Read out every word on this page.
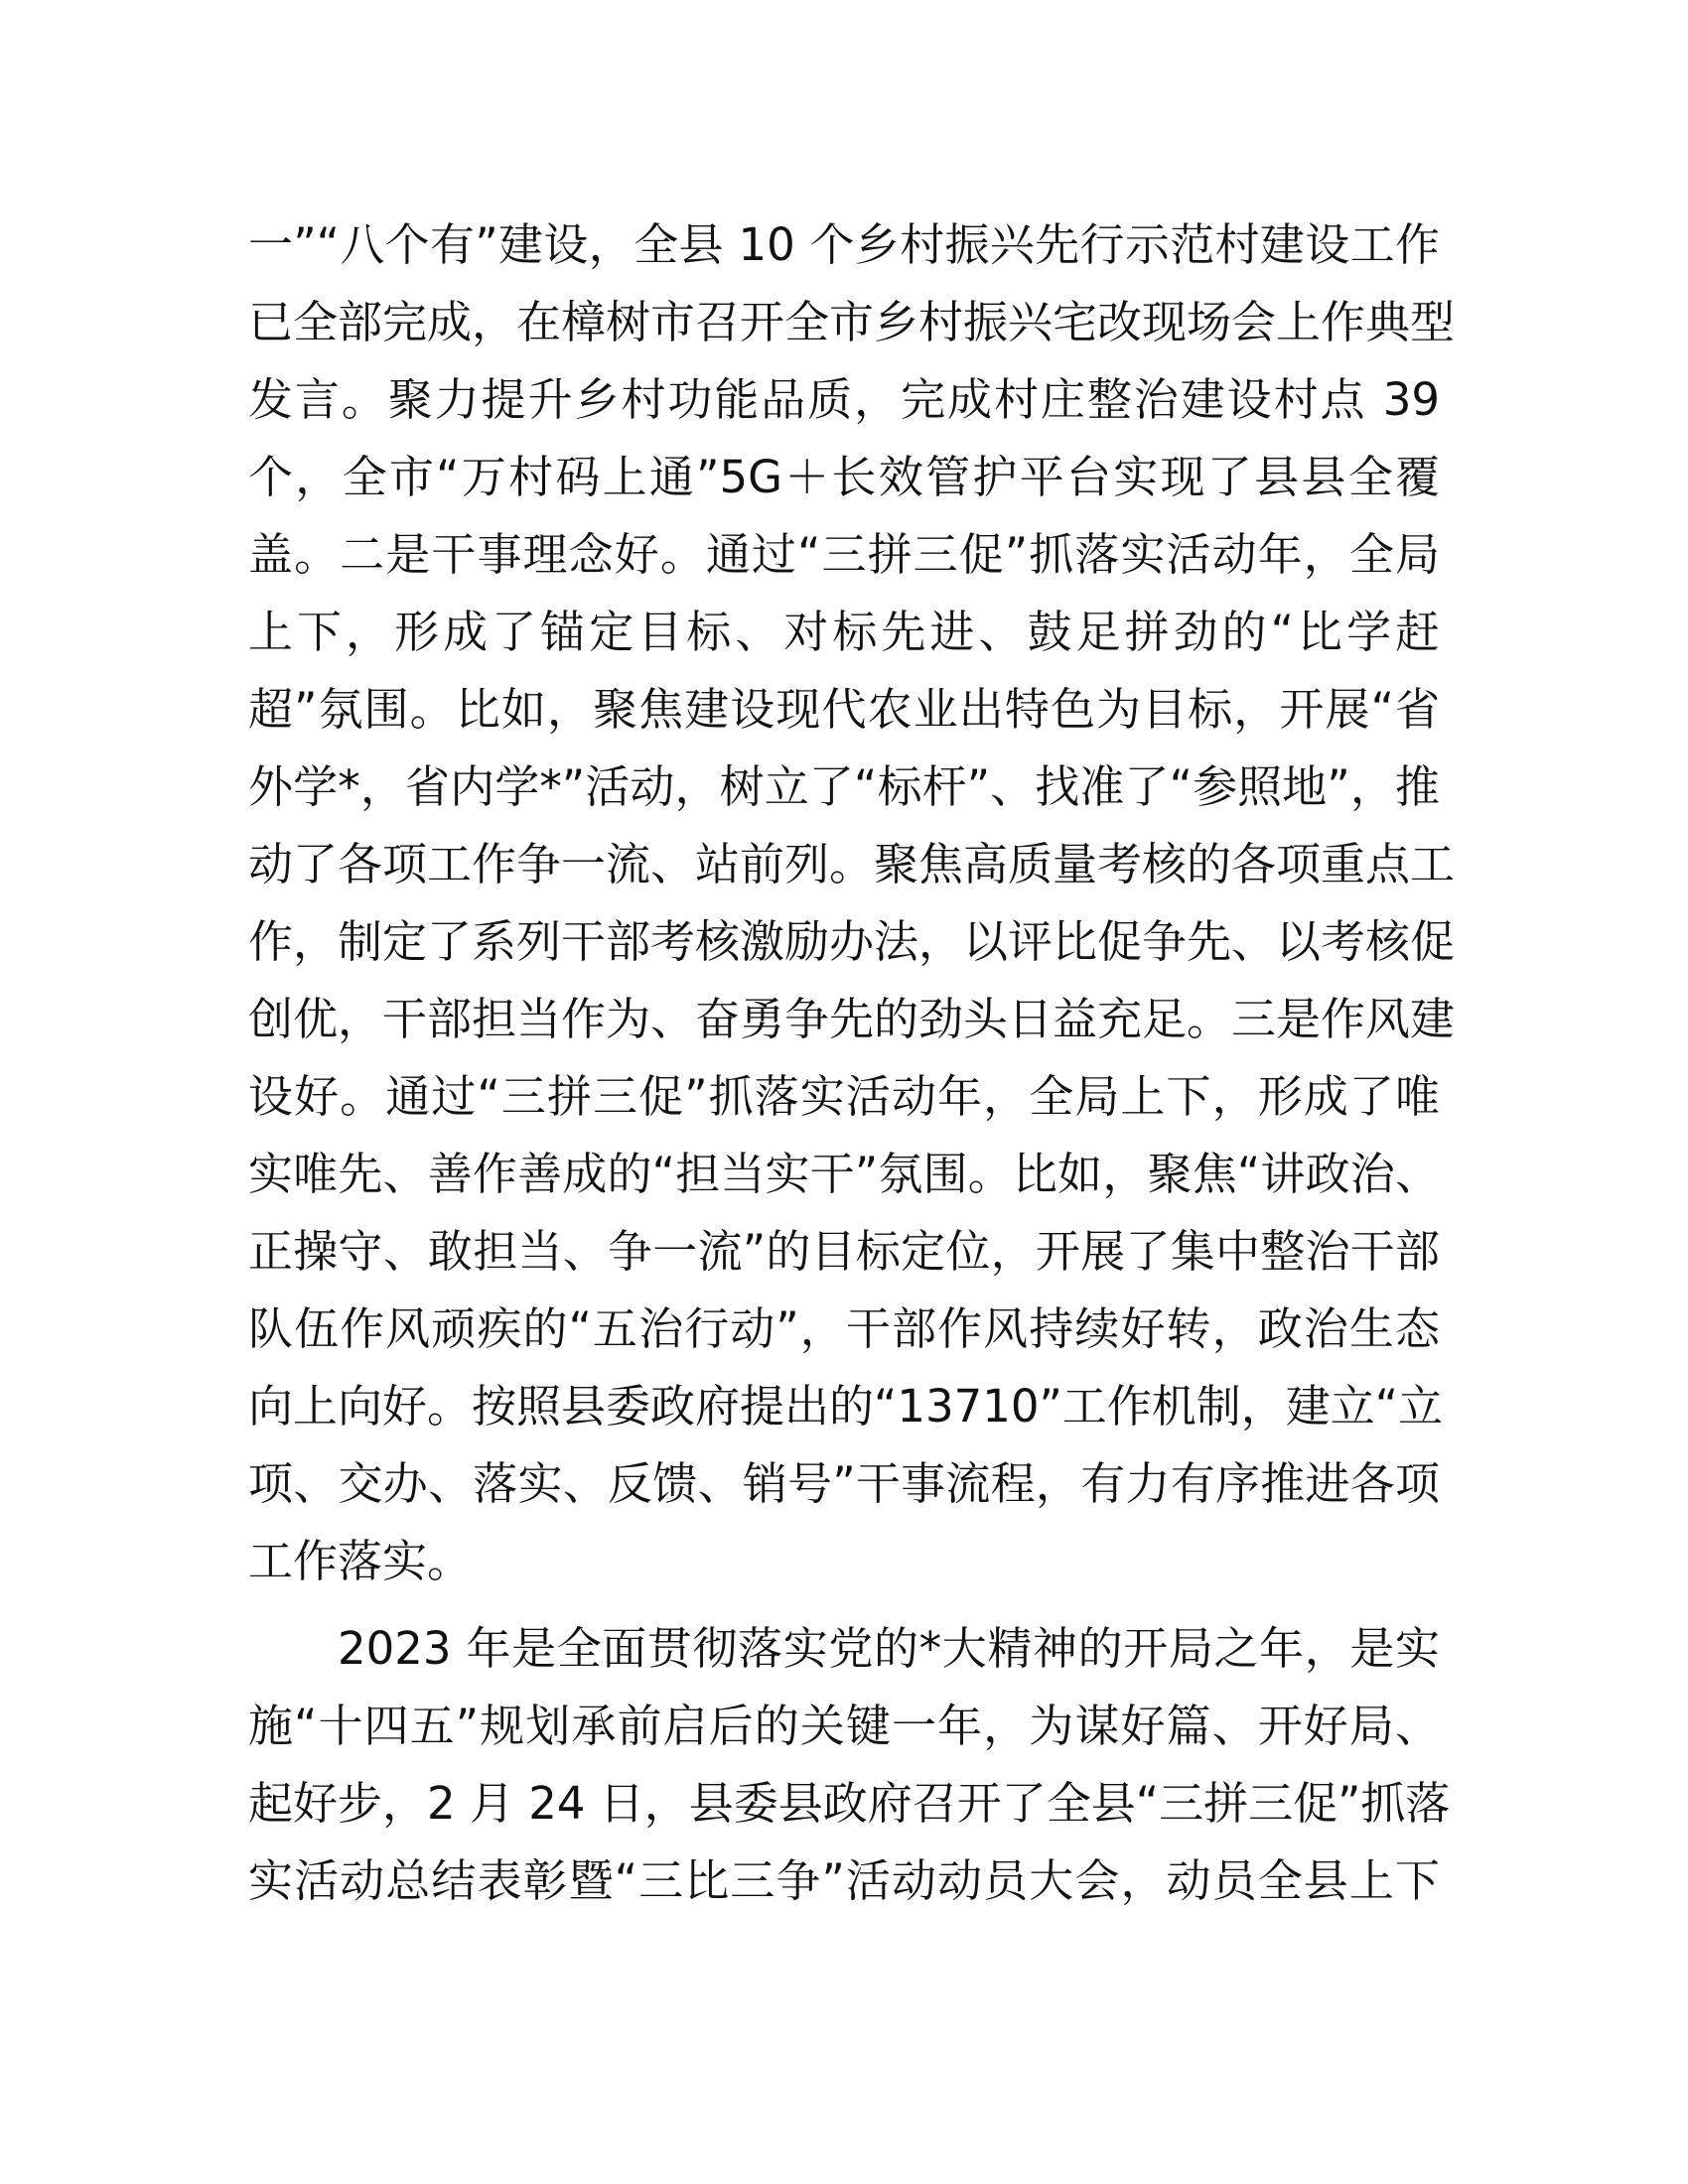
一”“八个有”建设，全县 10 个乡村振兴先行示范村建设工作
已全部完成，在樟树市召开全市乡村振兴宅改现场会上作典型
发言。聚力提升乡村功能品质，完成村庄整治建设村点 39
个，全市“万村码上通”5G＋长效管护平台实现了县县全覆
盖。二是干事理念好。通过“三拼三促”抓落实活动年，全局
上下，形成了锚定目标、对标先进、鼓足拼劲的“比学赶
超”氛围。比如，聚焦建设现代农业出特色为目标，开展“省
外学*，省内学*”活动，树立了“标杆”、找准了“参照地”，推
动了各项工作争一流、站前列。聚焦高质量考核的各项重点工
作，制定了系列干部考核激励办法，以评比促争先、以考核促
创优，干部担当作为、奋勇争先的劲头日益充足。三是作风建
设好。通过“三拼三促”抓落实活动年，全局上下，形成了唯
实唯先、善作善成的“担当实干”氛围。比如，聚焦“讲政治、
正操守、敢担当、争一流”的目标定位，开展了集中整治干部
队伍作风顽疾的“五治行动”，干部作风持续好转，政治生态
向上向好。按照县委政府提出的“13710”工作机制，建立“立
项、交办、落实、反馈、销号”干事流程，有力有序推进各项
工作落实。
2023 年是全面贯彻落实党的*大精神的开局之年，是实
施“十四五”规划承前启后的关键一年，为谋好篇、开好局、
起好步，2 月 24 日，县委县政府召开了全县“三拼三促”抓落
实活动总结表彰暨“三比三争”活动动员大会，动员全县上下
